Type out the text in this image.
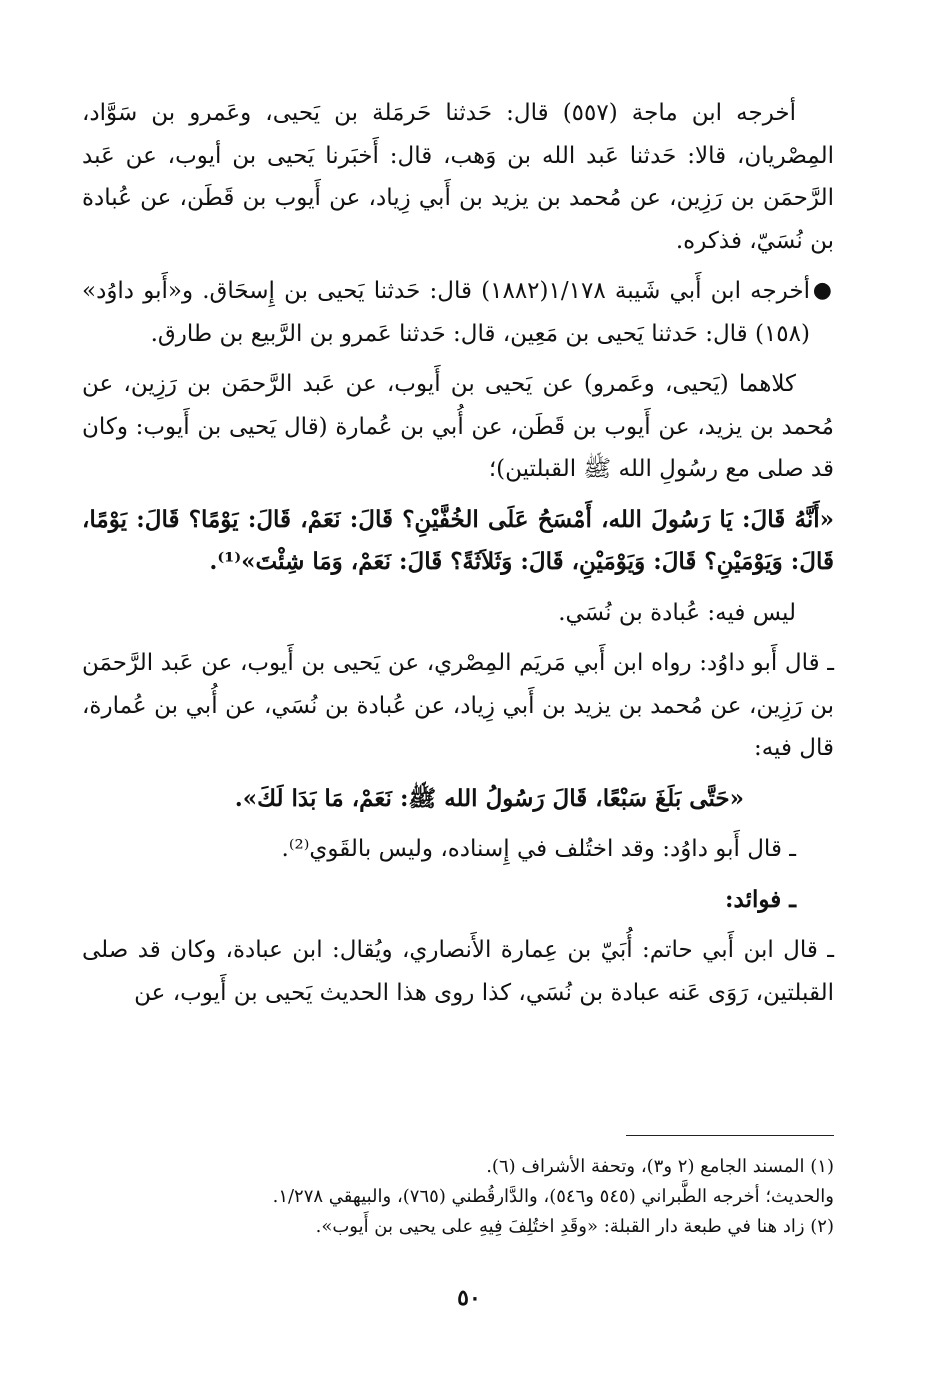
أخرجه ابن ماجة (٥٥٧) قال: حَدثنا حَرمَلة بن يَحيى، وعَمرو بن سَوَّاد، المِصْريان، قالا: حَدثنا عَبد الله بن وَهب، قال: أَخبَرنا يَحيى بن أيوب، عن عَبد الرَّحمَن بن رَزِين، عن مُحمد بن يزيد بن أَبي زِياد، عن أَيوب بن قَطَن، عن عُبادة بن نُسَيّ، فذكره.

●
أخرجه ابن أَبي شَيبة ١/١٧٨(١٨٨٢) قال: حَدثنا يَحيى بن إِسحَاق. و«أَبو داوُد» (١٥٨) قال: حَدثنا يَحيى بن مَعِين، قال: حَدثنا عَمرو بن الرَّبيع بن طارق.

كلاهما (يَحيى، وعَمرو) عن يَحيى بن أَيوب، عن عَبد الرَّحمَن بن رَزِين، عن مُحمد بن يزيد، عن أَيوب بن قَطَن، عن أُبي بن عُمارة (قال يَحيى بن أَيوب: وكان قد صلى مع رسُولِ الله ﷺ القبلتين)؛

«أَنَّهُ قَالَ: يَا رَسُولَ الله، أَمْسَحُ عَلَى الخُفَّيْنِ؟ قَالَ: نَعَمْ، قَالَ: يَوْمًا؟ قَالَ: يَوْمًا، قَالَ: وَيَوْمَيْنِ؟ قَالَ: وَيَوْمَيْنِ، قَالَ: وَثَلاَثَةً؟ قَالَ: نَعَمْ، وَمَا شِئْتَ»⁽¹⁾.

ليس فيه: عُبادة بن نُسَي.

ـ قال أَبو داوُد: رواه ابن أَبي مَريَم المِصْري، عن يَحيى بن أَيوب، عن عَبد الرَّحمَن بن رَزِين، عن مُحمد بن يزيد بن أَبي زِياد، عن عُبادة بن نُسَي، عن أُبي بن عُمارة، قال فيه:

«حَتَّى بَلَغَ سَبْعًا، قَالَ رَسُولُ الله ﷺ: نَعَمْ، مَا بَدَا لَكَ».

ـ قال أَبو داوُد: وقد اختُلف في إِسناده، وليس بالقَوي⁽²⁾.

ـ فوائد:

ـ قال ابن أَبي حاتم: أُبَيّ بن عِمارة الأَنصاري، ويُقال: ابن عبادة، وكان قد صلى القبلتين، رَوَى عَنه عبادة بن نُسَي، كذا روى هذا الحديث يَحيى بن أَيوب، عن

(١) المسند الجامع (٢ و٣)، وتحفة الأشراف (٦).

والحديث؛ أخرجه الطَّبراني (٥٤٥ و٥٤٦)، والدَّارقُطني (٧٦٥)، والبيهقي ١/٢٧٨.

(٢) زاد هنا في طبعة دار القبلة: «وقَدِ اختُلِفَ فِيهِ على يحيى بن أَيوب».

٥٠
